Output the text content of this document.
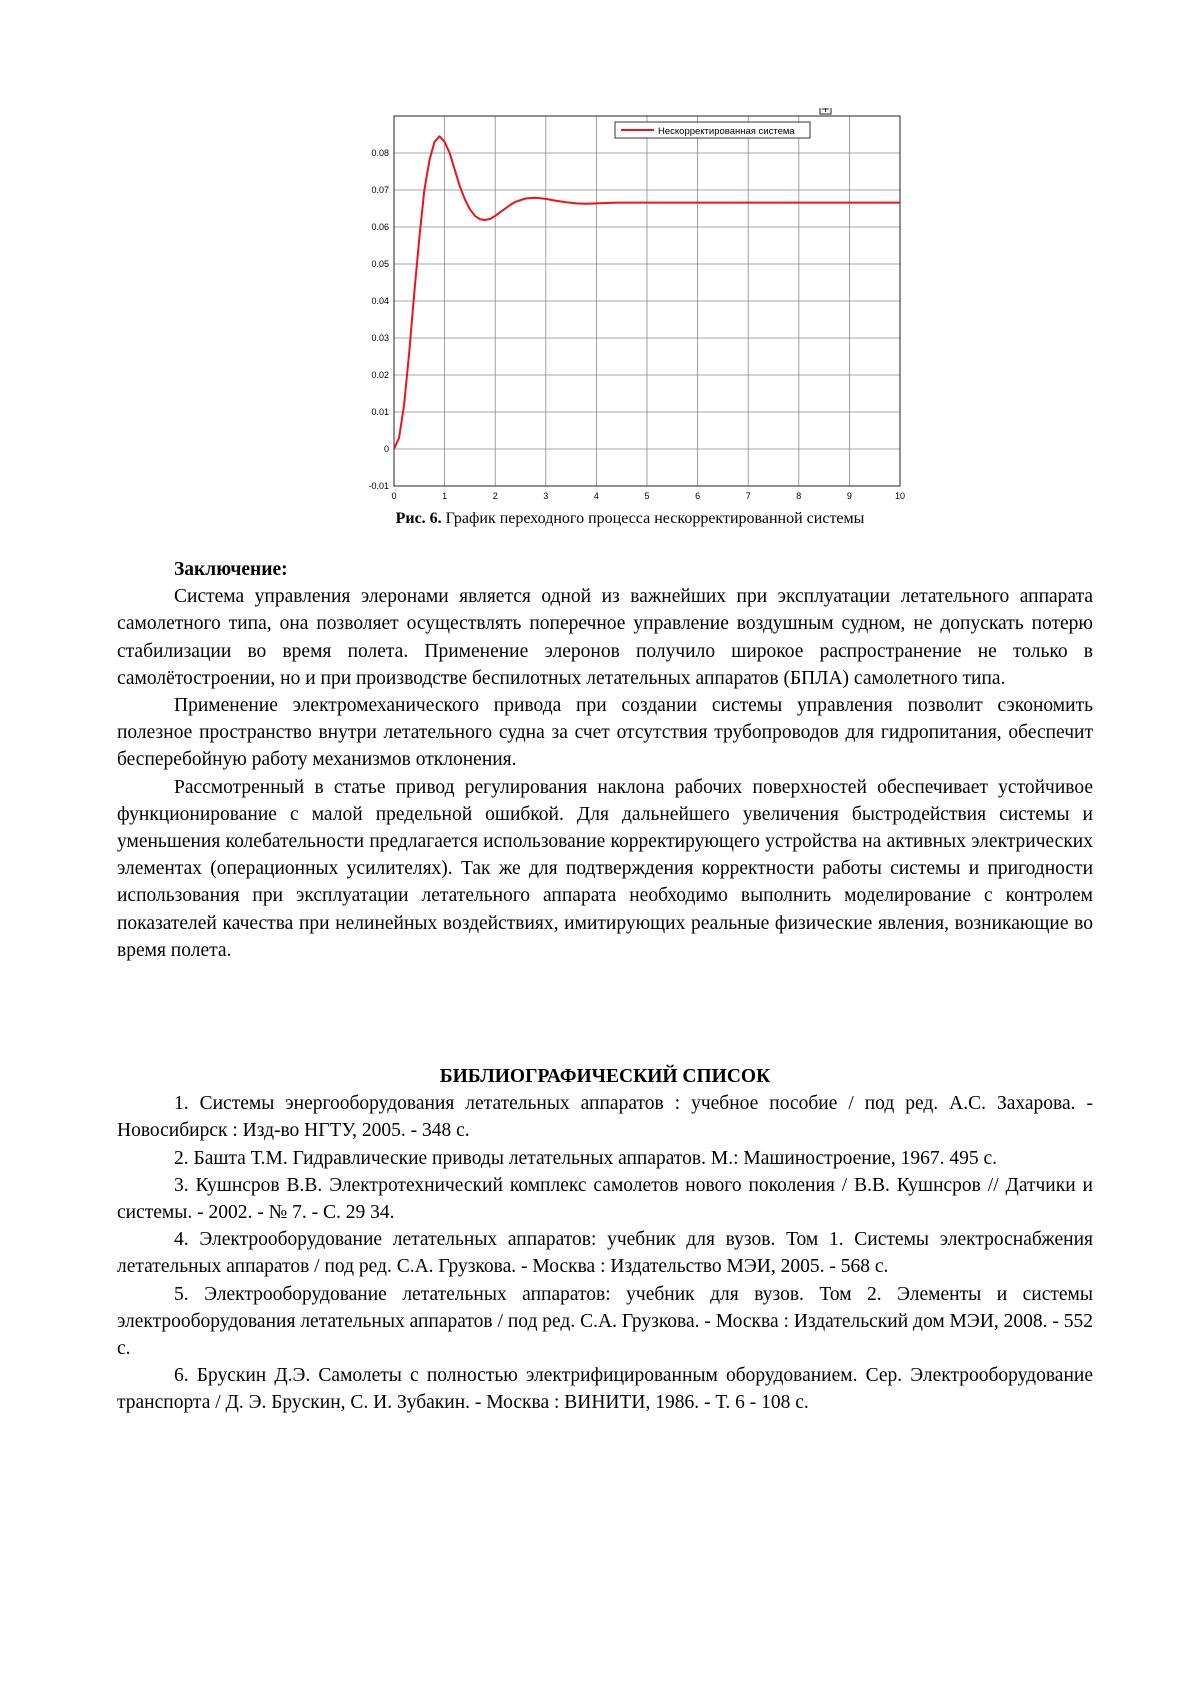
0	1	2	3	4	5	6	7	8	9	10
-0.01
0
0.01
0.02
0.03
0.04
0.05
0.06
0.07
0.08
Нескорректированная система
Рис. 6. График переходного процесса нескорректированной системы
Заключение:

Система управления элеронами является одной из важнейших при эксплуатации летательного аппарата самолетного типа, она позволяет осуществлять поперечное управление воздушным судном, не допускать потерю стабилизации во время полета. Применение элеронов получило широкое распространение не только в самолётостроении, но и при производстве беспилотных летательных аппаратов (БПЛА) самолетного типа.

Применение электромеханического привода при создании системы управления позволит сэкономить полезное пространство внутри летательного судна за счет отсутствия трубопроводов для гидропитания, обеспечит бесперебойную работу механизмов отклонения.

Рассмотренный в статье привод регулирования наклона рабочих поверхностей обеспечивает устойчивое функционирование с малой предельной ошибкой. Для дальнейшего увеличения быстродействия системы и уменьшения колебательности предлагается использование корректирующего устройства на активных электрических элементах (операционных усилителях). Так же для подтверждения корректности работы системы и пригодности использования при эксплуатации летательного аппарата необходимо выполнить моделирование с контролем показателей качества при нелинейных воздействиях, имитирующих реальные физические явления, возникающие во время полета.

БИБЛИОГРАФИЧЕСКИЙ СПИСОК

1. Системы энергооборудования летательных аппаратов : учебное пособие / под ред. А.С. Захарова. - Новосибирск : Изд-во НГТУ, 2005. - 348 с.

2. Башта Т.М. Гидравлические приводы летательных аппаратов. М.: Машиностроение, 1967. 495 с.

3. Кушнсров В.В. Электротехнический комплекс самолетов нового поколения / В.В. Кушнсров // Датчики и системы. - 2002. - № 7. - С. 29 34.

4. Электрооборудование летательных аппаратов: учебник для вузов. Том 1. Системы электроснабжения летательных аппаратов / под ред. С.А. Грузкова. - Москва : Издательство МЭИ, 2005. - 568 с.

5. Электрооборудование летательных аппаратов: учебник для вузов. Том 2. Элементы и системы электрооборудования летательных аппаратов / под ред. С.А. Грузкова. - Москва : Издательский дом МЭИ, 2008. - 552 с.

6. Брускин Д.Э. Самолеты с полностью электрифицированным оборудованием. Сер. Электрооборудование транспорта / Д. Э. Брускин, С. И. Зубакин. - Москва : ВИНИТИ, 1986. - Т. 6 - 108 с.
